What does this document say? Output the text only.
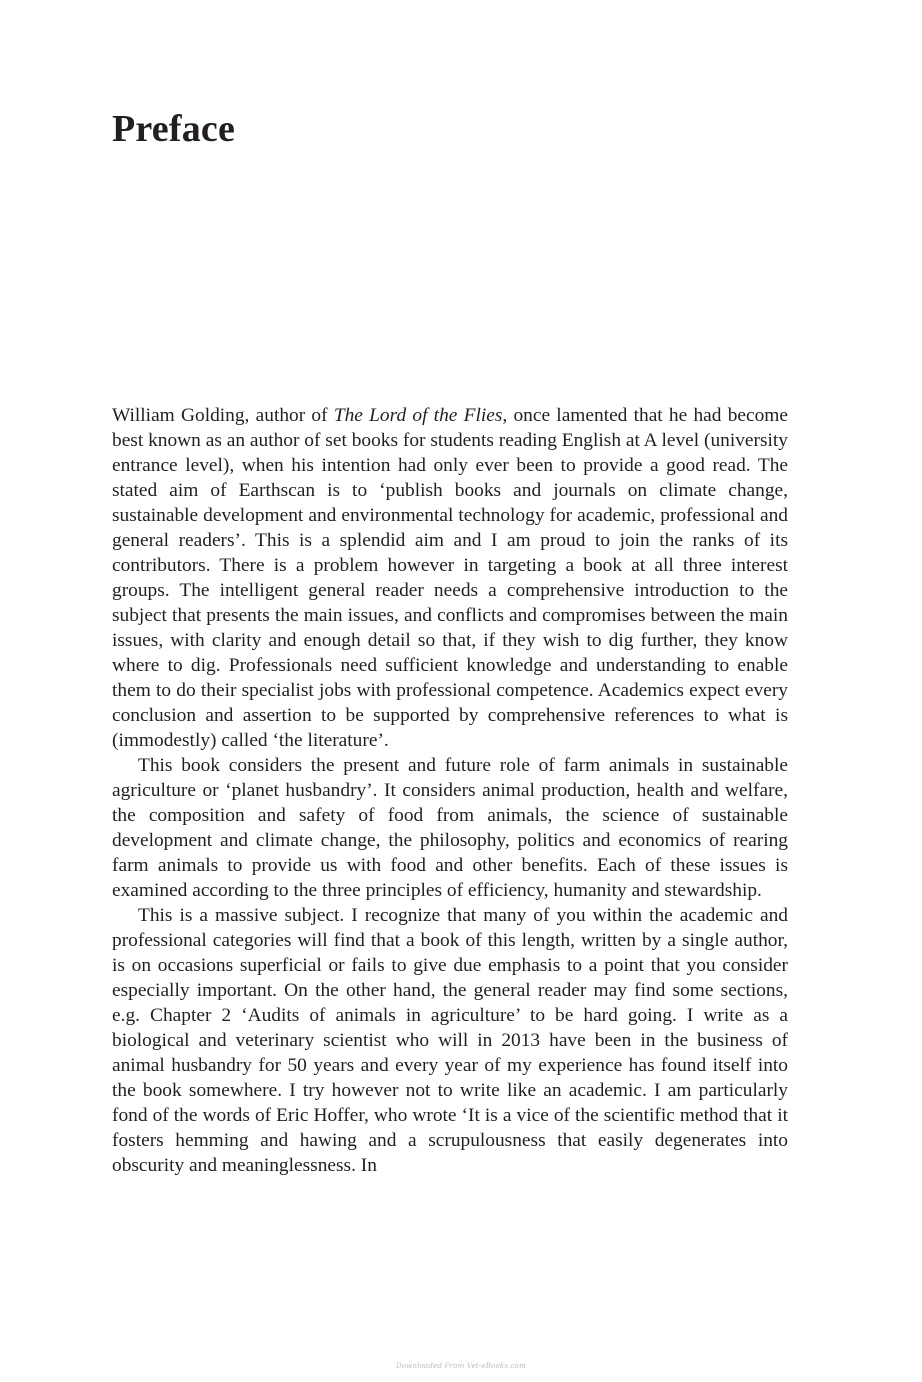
Preface

William Golding, author of The Lord of the Flies, once lamented that he had become best known as an author of set books for students reading English at A level (university entrance level), when his intention had only ever been to provide a good read. The stated aim of Earthscan is to ‘publish books and journals on climate change, sustainable development and environmental technology for academic, professional and general readers’. This is a splendid aim and I am proud to join the ranks of its contributors. There is a problem however in targeting a book at all three interest groups. The intelligent general reader needs a comprehensive introduction to the subject that presents the main issues, and conflicts and compromises between the main issues, with clarity and enough detail so that, if they wish to dig further, they know where to dig. Professionals need sufficient knowledge and understanding to enable them to do their specialist jobs with professional competence. Academics expect every conclusion and assertion to be supported by comprehensive references to what is (immodestly) called ‘the literature’.

This book considers the present and future role of farm animals in sustainable agriculture or ‘planet husbandry’. It considers animal production, health and welfare, the composition and safety of food from animals, the science of sustainable development and climate change, the philosophy, politics and economics of rearing farm animals to provide us with food and other benefits. Each of these issues is examined according to the three principles of efficiency, humanity and stewardship.

This is a massive subject. I recognize that many of you within the academic and professional categories will find that a book of this length, written by a single author, is on occasions superficial or fails to give due emphasis to a point that you consider especially important. On the other hand, the general reader may find some sections, e.g. Chapter 2 ‘Audits of animals in agriculture’ to be hard going. I write as a biological and veterinary scientist who will in 2013 have been in the business of animal husbandry for 50 years and every year of my experience has found itself into the book somewhere. I try however not to write like an academic. I am particularly fond of the words of Eric Hoffer, who wrote ‘It is a vice of the scientific method that it fosters hemming and hawing and a scrupulousness that easily degenerates into obscurity and meaninglessness. In

Downloaded From Vet-eBooks.com
